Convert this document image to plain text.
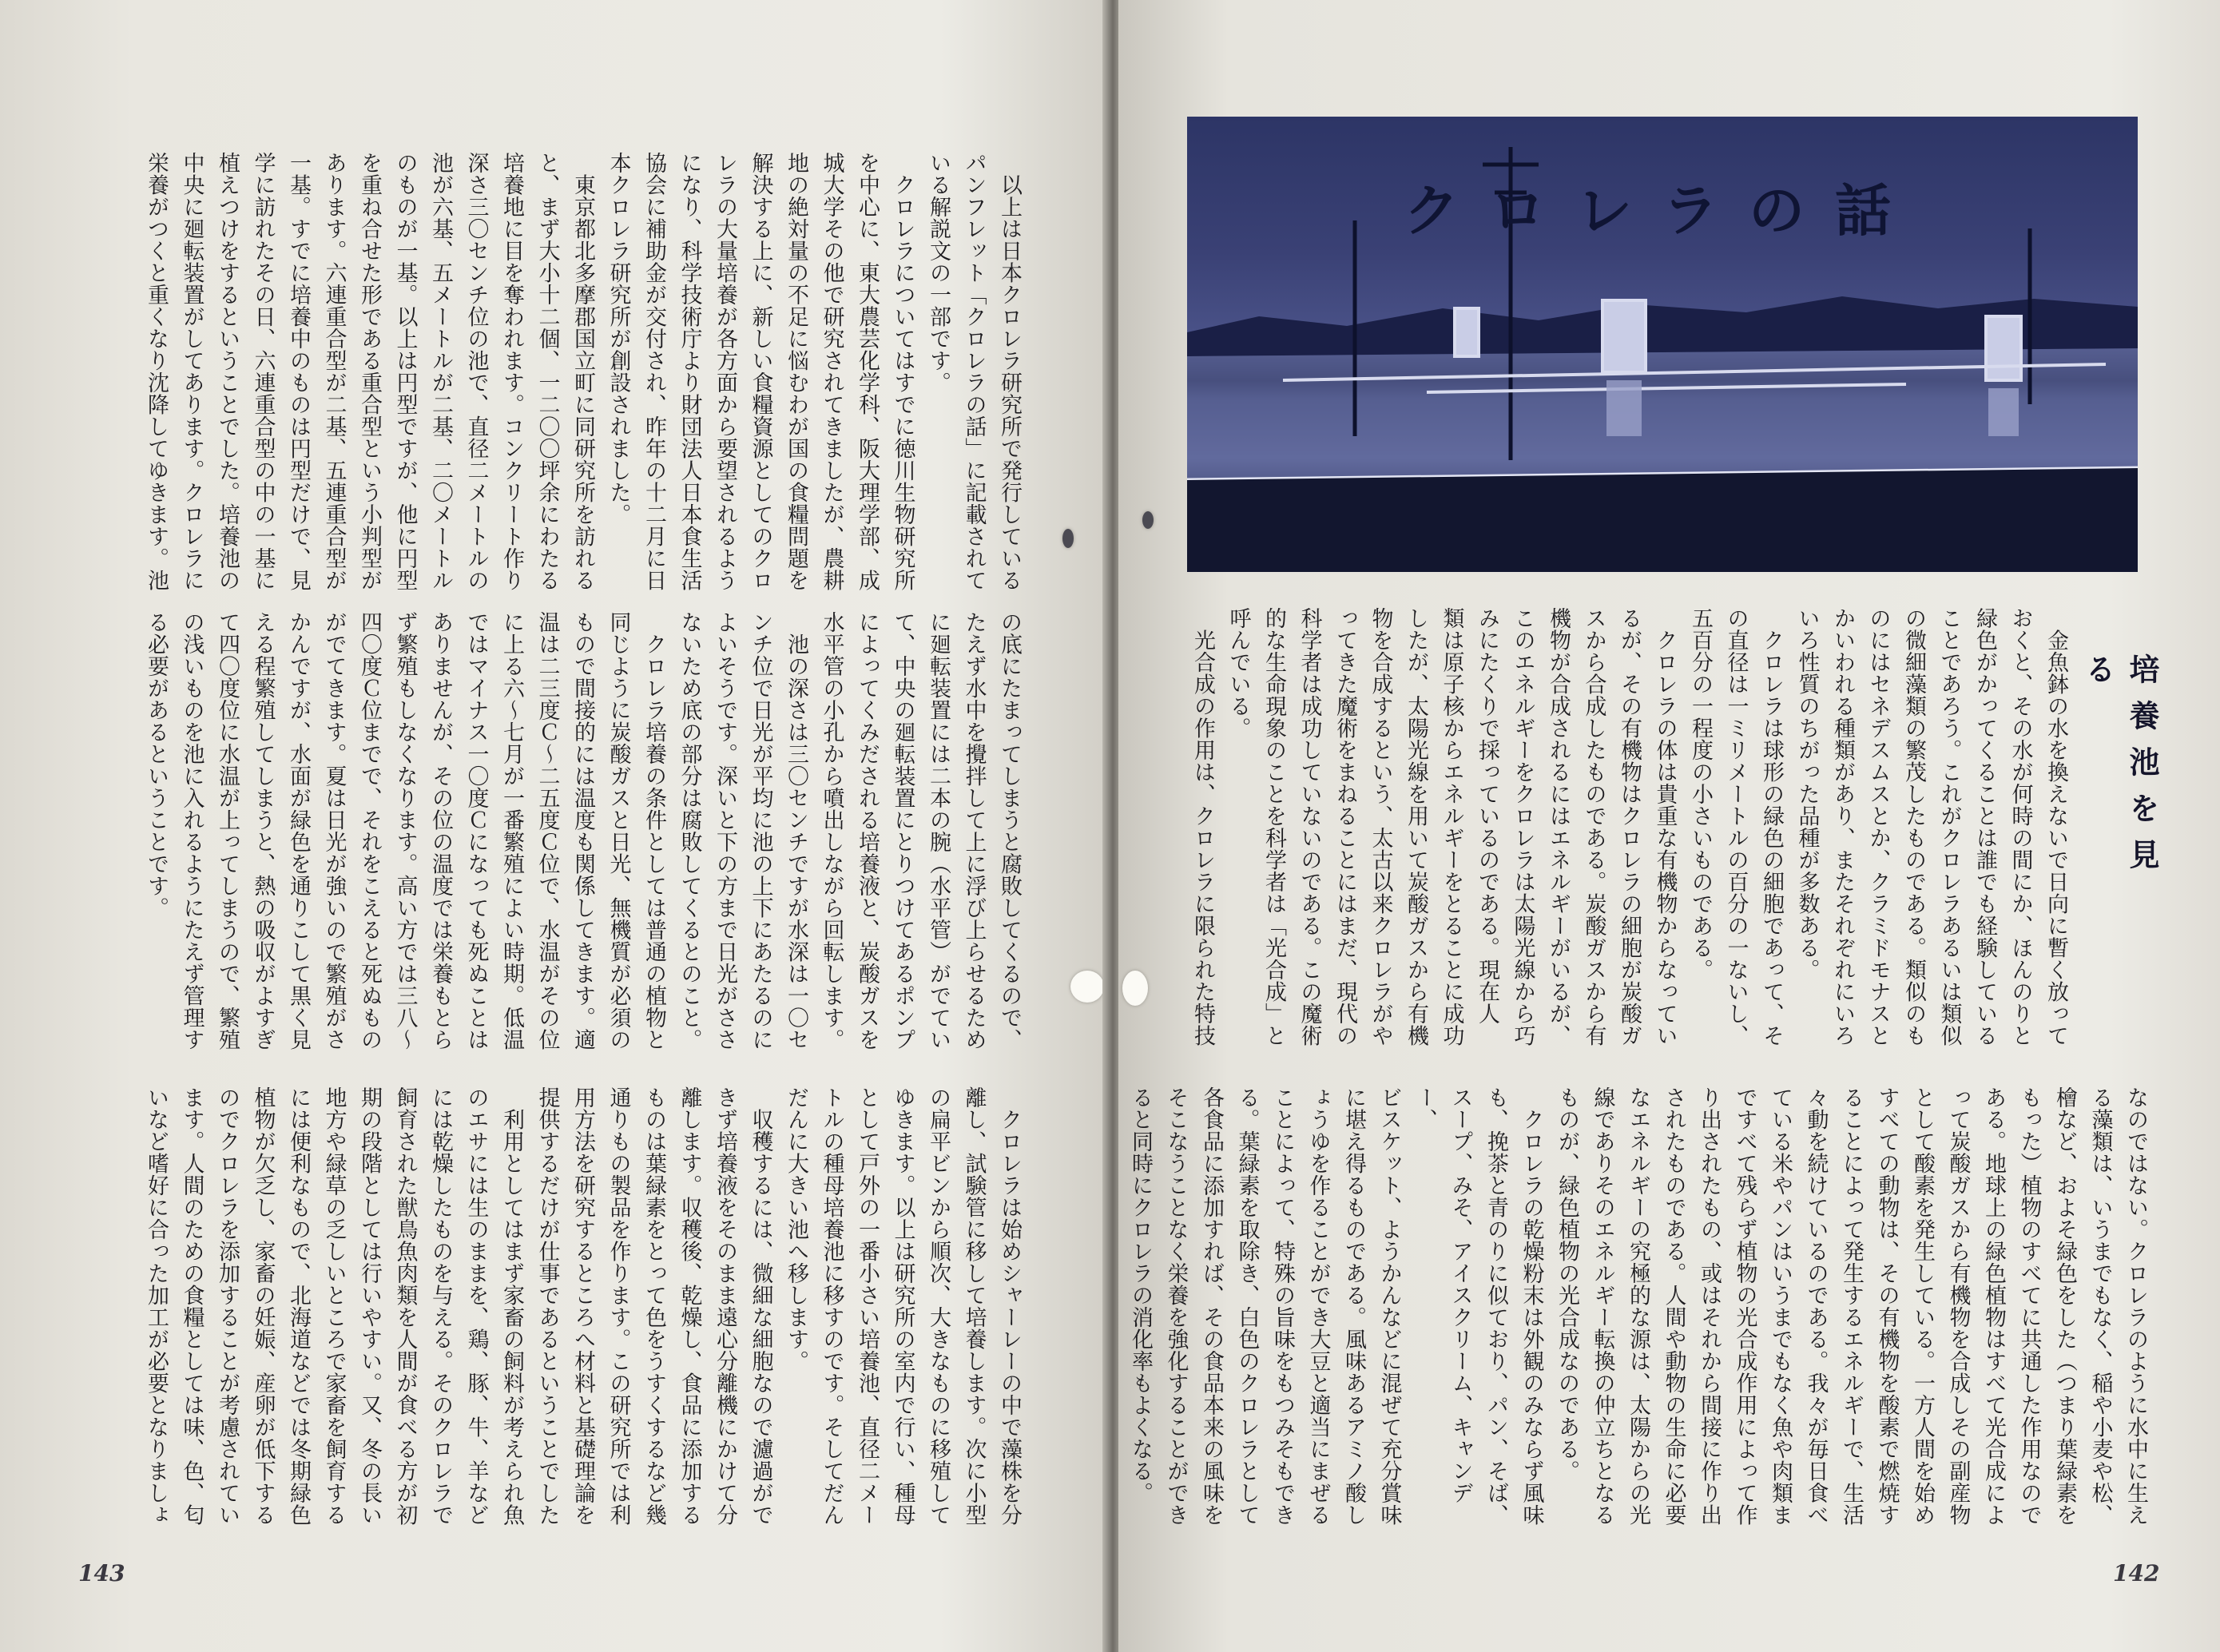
　以上は日本クロレラ研究所で発行している
パンフレット「クロレラの話」に記載されて
いる解説文の一部です。
　クロレラについてはすでに徳川生物研究所
を中心に、東大農芸化学科、阪大理学部、成
城大学その他で研究されてきましたが、農耕
地の絶対量の不足に悩むわが国の食糧問題を
解決する上に、新しい食糧資源としてのクロ
レラの大量培養が各方面から要望されるよう
になり、科学技術庁より財団法人日本食生活
協会に補助金が交付され、昨年の十二月に日
本クロレラ研究所が創設されました。
　東京都北多摩郡国立町に同研究所を訪れる
と、まず大小十二個、一二〇〇坪余にわたる
培養地に目を奪われます。コンクリート作り
深さ三〇センチ位の池で、直径二メートルの
池が六基、五メートルが二基、二〇メートル
のものが一基。以上は円型ですが、他に円型
を重ね合せた形である重合型という小判型が
あります。六連重合型が二基、五連重合型が
一基。すでに培養中のものは円型だけで、見
学に訪れたその日、六連重合型の中の一基に
植えつけをするということでした。培養池の
中央に廻転装置がしてあります。クロレラに
栄養がつくと重くなり沈降してゆきます。池
の底にたまってしまうと腐敗してくるので、
たえず水中を攪拌して上に浮び上らせるため
に廻転装置には二本の腕（水平管）がでてい
て、中央の廻転装置にとりつけてあるポンプ
によってくみだされる培養液と、炭酸ガスを
水平管の小孔から噴出しながら回転します。
　池の深さは三〇センチですが水深は一〇セ
ンチ位で日光が平均に池の上下にあたるのに
よいそうです。深いと下の方まで日光がささ
ないため底の部分は腐敗してくるとのこと。
　クロレラ培養の条件としては普通の植物と
同じように炭酸ガスと日光、無機質が必須の
もので間接的には温度も関係してきます。適
温は二三度Ｃ〜二五度Ｃ位で、水温がその位
に上る六〜七月が一番繁殖によい時期。低温
ではマイナス一〇度Ｃになっても死ぬことは
ありませんが、その位の温度では栄養もとら
ず繁殖もしなくなります。高い方では三八〜
四〇度Ｃ位までで、それをこえると死ぬもの
がでてきます。夏は日光が強いので繁殖がさ
かんですが、水面が緑色を通りこして黒く見
える程繁殖してしまうと、熱の吸収がよすぎ
て四〇度位に水温が上ってしまうので、繁殖
の浅いものを池に入れるようにたえず管理す
る必要があるということです。
　クロレラは始めシャーレーの中で藻株を分
離し、試験管に移して培養します。次に小型
の扁平ビンから順次、大きなものに移殖して
ゆきます。以上は研究所の室内で行い、種母
として戸外の一番小さい培養池、直径二メー
トルの種母培養池に移すのです。そしてだん
だんに大きい池へ移します。
　収穫するには、微細な細胞なので濾過がで
きず培養液をそのまま遠心分離機にかけて分
離します。収穫後、乾燥し、食品に添加する
ものは葉緑素をとって色をうすくするなど幾
通りもの製品を作ります。この研究所では利
用方法を研究するところへ材料と基礎理論を
提供するだけが仕事であるということでした
　利用としてはまず家畜の飼料が考えられ魚
のエサには生のままを、鶏、豚、牛、羊など
には乾燥したものを与える。そのクロレラで
飼育された獣鳥魚肉類を人間が食べる方が初
期の段階としては行いやすい。又、冬の長い
地方や緑草の乏しいところで家畜を飼育する
には便利なもので、北海道などでは冬期緑色
植物が欠乏し、家畜の妊娠、産卵が低下する
のでクロレラを添加することが考慮されてい
ます。人間のための食糧としては味、色、匂
いなど嗜好に合った加工が必要となりましょ
143
クロレラの話
培養池を見る
　金魚鉢の水を換えないで日向に暫く放って
おくと、その水が何時の間にか、ほんのりと
緑色がかってくることは誰でも経験している
ことであろう。これがクロレラあるいは類似
の微細藻類の繁茂したものである。類似のも
のにはセネデスムスとか、クラミドモナスと
かいわれる種類があり、またそれぞれにいろ
いろ性質のちがった品種が多数ある。
　クロレラは球形の緑色の細胞であって、そ
の直径は一ミリメートルの百分の一ないし、
五百分の一程度の小さいものである。
　クロレラの体は貴重な有機物からなってい
るが、その有機物はクロレラの細胞が炭酸ガ
スから合成したものである。炭酸ガスから有
機物が合成されるにはエネルギーがいるが、
このエネルギーをクロレラは太陽光線から巧
みにたくりで採っているのである。現在人
類は原子核からエネルギーをとることに成功
したが、太陽光線を用いて炭酸ガスから有機
物を合成するという、太古以来クロレラがや
ってきた魔術をまねることにはまだ、現代の
科学者は成功していないのである。この魔術
的な生命現象のことを科学者は「光合成」と
呼んでいる。
　光合成の作用は、クロレラに限られた特技
なのではない。クロレラのように水中に生え
る藻類は、いうまでもなく、稲や小麦や松、
檜など、およそ緑色をした（つまり葉緑素を
もった）植物のすべてに共通した作用なので
ある。地球上の緑色植物はすべて光合成によ
って炭酸ガスから有機物を合成しその副産物
として酸素を発生している。一方人間を始め
すべての動物は、その有機物を酸素で燃焼す
ることによって発生するエネルギーで、生活
々動を続けているのである。我々が毎日食べ
ている米やパンはいうまでもなく魚や肉類ま
ですべて残らず植物の光合成作用によって作
り出されたもの、或はそれから間接に作り出
されたものである。人間や動物の生命に必要
なエネルギーの究極的な源は、太陽からの光
線でありそのエネルギー転換の仲立ちとなる
ものが、緑色植物の光合成なのである。
　クロレラの乾燥粉末は外観のみならず風味
も、挽茶と青のりに似ており、パン、そば、
スープ、みそ、アイスクリーム、キャンデー、
ビスケット、ようかんなどに混ぜて充分賞味
に堪え得るものである。風味あるアミノ酸し
ょうゆを作ることができ大豆と適当にまぜる
ことによって、特殊の旨味をもつみそもでき
る。葉緑素を取除き、白色のクロレラとして
各食品に添加すれば、その食品本来の風味を
そこなうことなく栄養を強化することができ
ると同時にクロレラの消化率もよくなる。
142
